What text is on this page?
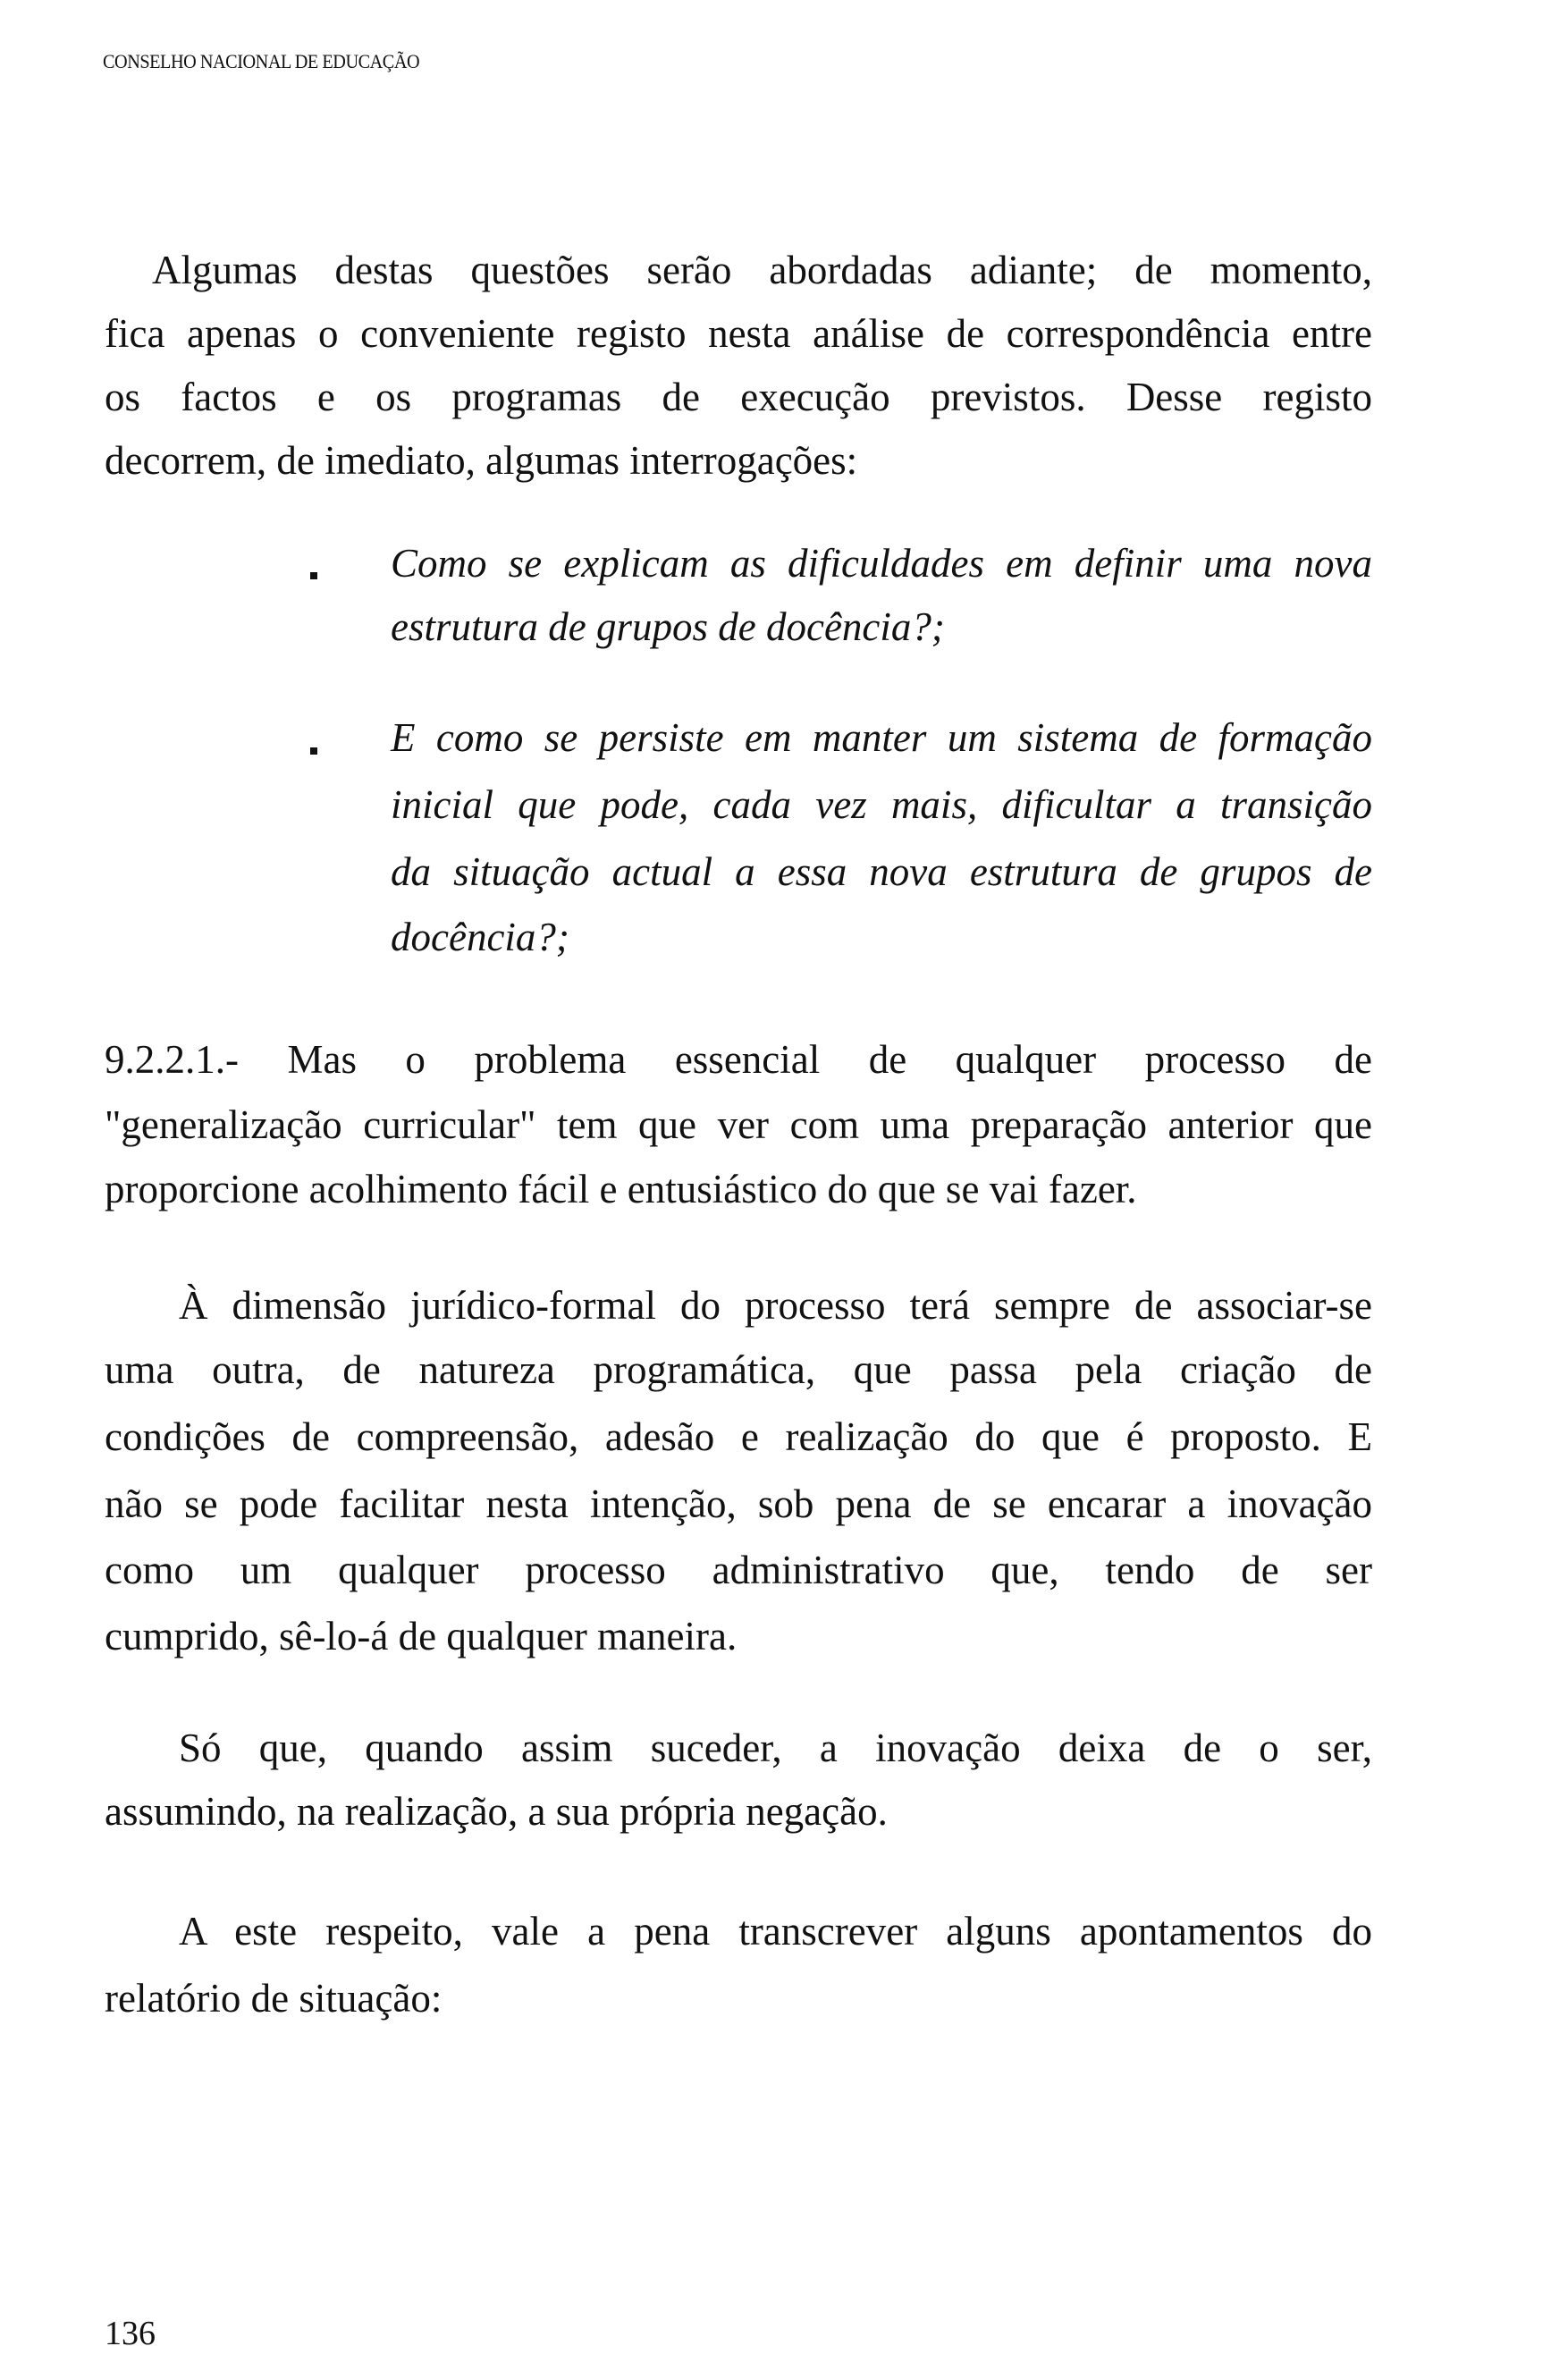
CONSELHO NACIONAL DE EDUCAÇÃO
Algumas destas questões serão abordadas adiante; de momento,
fica apenas o conveniente registo nesta análise de correspondência entre
os factos e os programas de execução previstos. Desse registo
decorrem, de imediato, algumas interrogações:
Como se explicam as dificuldades em definir uma nova
estrutura de grupos de docência?;
E como se persiste em manter um sistema de formação
inicial que pode, cada vez mais, dificultar a transição
da situação actual a essa nova estrutura de grupos de
docência?;
9.2.2.1.- Mas o problema essencial de qualquer processo de
"generalização curricular" tem que ver com uma preparação anterior que
proporcione acolhimento fácil e entusiástico do que se vai fazer.
À dimensão jurídico-formal do processo terá sempre de associar-se
uma outra, de natureza programática, que passa pela criação de
condições de compreensão, adesão e realização do que é proposto. E
não se pode facilitar nesta intenção, sob pena de se encarar a inovação
como um qualquer processo administrativo que, tendo de ser
cumprido, sê-lo-á de qualquer maneira.
Só que, quando assim suceder, a inovação deixa de o ser,
assumindo, na realização, a sua própria negação.
A este respeito, vale a pena transcrever alguns apontamentos do
relatório de situação:
136
